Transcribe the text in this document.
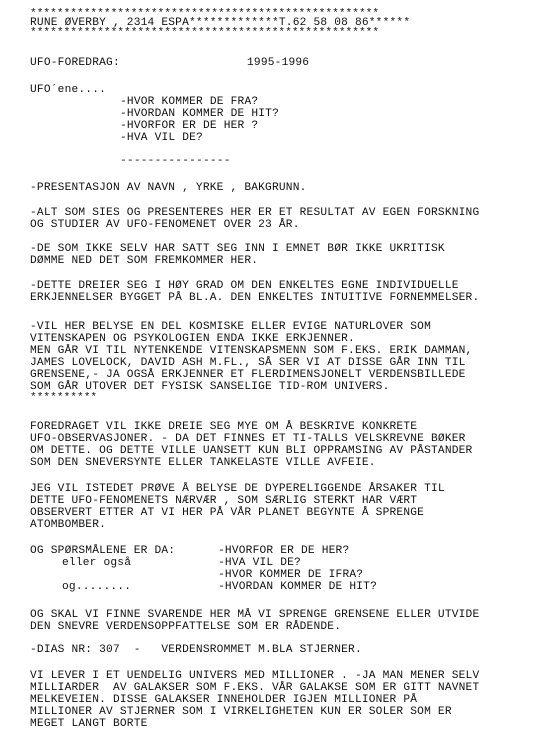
****************************************************
RUNE ØVERBY , 2314 ESPA*************T.62 58 08 86******
****************************************************
UFO-FOREDRAG:	1995-1996
UFO´ene....
-HVOR KOMMER DE FRA?
-HVORDAN KOMMER DE HIT?
-HVORFOR ER DE HER ?
-HVA VIL DE?
----------------
-PRESENTASJON AV NAVN , YRKE , BAKGRUNN.
-ALT SOM SIES OG PRESENTERES HER ER ET RESULTAT AV EGEN FORSKNING
OG STUDIER AV UFO-FENOMENET OVER 23 ÅR.
-DE SOM IKKE SELV HAR SATT SEG INN I EMNET BØR IKKE UKRITISK
DØMME NED DET SOM FREMKOMMER HER.
-DETTE DREIER SEG I HØY GRAD OM DEN ENKELTES EGNE INDIVIDUELLE
ERKJENNELSER BYGGET PÅ BL.A. DEN ENKELTES INTUITIVE FORNEMMELSER.
-VIL HER BELYSE EN DEL KOSMISKE ELLER EVIGE NATURLOVER SOM
VITENSKAPEN OG PSYKOLOGIEN ENDA IKKE ERKJENNER.
MEN GÅR VI TIL NYTENKENDE VITENSKAPSMENN SOM F.EKS. ERIK DAMMAN,
JAMES LOVELOCK, DAVID ASH M.FL., SÅ SER VI AT DISSE GÅR INN TIL
GRENSENE,- JA OGSÅ ERKJENNER ET FLERDIMENSJONELT VERDENSBILLEDE
SOM GÅR UTOVER DET FYSISK SANSELIGE TID-ROM UNIVERS.
**********
FOREDRAGET VIL IKKE DREIE SEG MYE OM Å BESKRIVE KONKRETE
UFO-OBSERVASJONER. - DA DET FINNES ET TI-TALLS VELSKREVNE BØKER
OM DETTE. OG DETTE VILLE UANSETT KUN BLI OPPRAMSING AV PÅSTANDER
SOM DEN SNEVERSYNTE ELLER TANKELASTE VILLE AVFEIE.
JEG VIL ISTEDET PRØVE Å BELYSE DE DYPERELIGGENDE ÅRSAKER TIL
DETTE UFO-FENOMENETS NÆRVÆR , SOM SÆRLIG STERKT HAR VÆRT
OBSERVERT ETTER AT VI HER PÅ VÅR PLANET BEGYNTE Å SPRENGE
ATOMBOMBER.
OG SPØRSMÅLENE ER DA:	-HVORFOR ER DE HER?
eller også	-HVA VIL DE?
-HVOR KOMMER DE IFRA?
og........	-HVORDAN KOMMER DE HIT?
OG SKAL VI FINNE SVARENDE HER MÅ VI SPRENGE GRENSENE ELLER UTVIDE
DEN SNEVRE VERDENSOPPFATTELSE SOM ER RÅDENDE.
-DIAS NR: 307  -   VERDENSROMMET M.BLA STJERNER.
VI LEVER I ET UENDELIG UNIVERS MED MILLIONER . -JA MAN MENER SELV
MILLIARDER  AV GALAKSER SOM F.EKS. VÅR GALAKSE SOM ER GITT NAVNET
MELKEVEIEN. DISSE GALAKSER INNEHOLDER IGJEN MILLIONER PÅ
MILLIONER AV STJERNER SOM I VIRKELIGHETEN KUN ER SOLER SOM ER
MEGET LANGT BORTE
